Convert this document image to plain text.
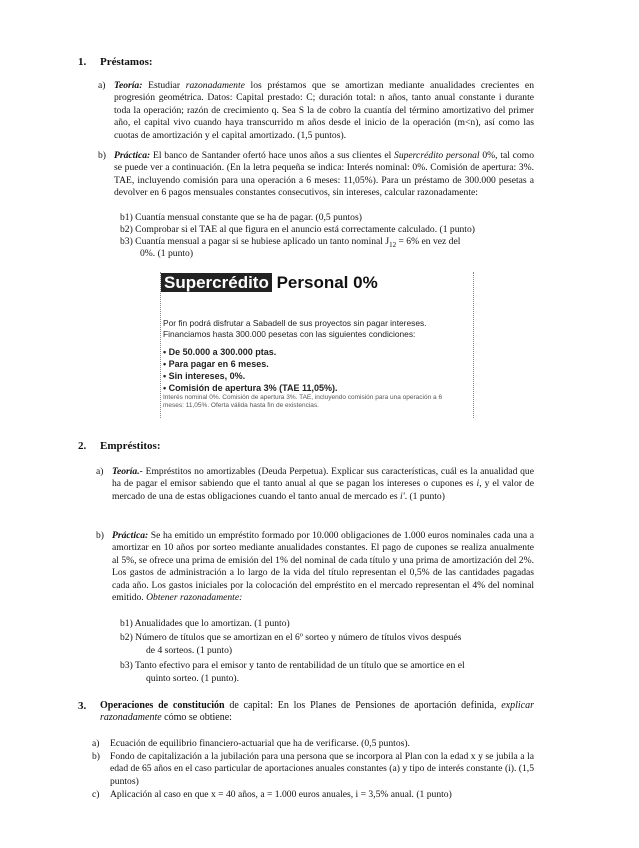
1. Préstamos:
a) Teoría: Estudiar razonadamente los préstamos que se amortizan mediante anualidades crecientes en progresión geométrica. Datos: Capital prestado: C; duración total: n años, tanto anual constante i durante toda la operación; razón de crecimiento q. Sea S la de cobro la cuantía del término amortizativo del primer año, el capital vivo cuando haya transcurrido m años desde el inicio de la operación (m<n), así como las cuotas de amortización y el capital amortizado. (1,5 puntos).
b) Práctica: El banco de Santander ofertó hace unos años a sus clientes el Supercrédito personal 0%, tal como se puede ver a continuación. (En la letra pequeña se indica: Interés nominal: 0%. Comisión de apertura: 3%. TAE, incluyendo comisión para una operación a 6 meses: 11,05%). Para un préstamo de 300.000 pesetas a devolver en 6 pagos mensuales constantes consecutivos, sin intereses, calcular razonadamente:
b1) Cuantía mensual constante que se ha de pagar. (0,5 puntos)
b2) Comprobar si el TAE al que figura en el anuncio está correctamente calculado. (1 punto)
b3) Cuantía mensual a pagar si se hubiese aplicado un tanto nominal $J_{12} = 6\%$ en vez del
0%. (1 punto)
Supercrédito Personal 0%

Por fin podrá disfrutar a Sabadell de sus proyectos sin pagar intereses. Financiamos hasta 300.000 pesetas con las siguientes condiciones:

• De 50.000 a 300.000 ptas.
• Para pagar en 6 meses.
• Sin intereses, 0%.
• Comisión de apertura 3% (TAE 11,05%).

Interés nominal 0%. Comisión de apertura 3%. TAE, incluyendo comisión para una operación a 6 meses: 11,05%. Oferta válida hasta fin de existencias.

2. Empréstitos:
a) Teoría.- Empréstitos no amortizables (Deuda Perpetua). Explicar sus características, cuál es la anualidad que ha de pagar el emisor sabiendo que el tanto anual al que se pagan los intereses o cupones es i, y el valor de mercado de una de estas obligaciones cuando el tanto anual de mercado es i'. (1 punto)
b) Práctica: Se ha emitido un empréstito formado por 10.000 obligaciones de 1.000 euros nominales cada una a amortizar en 10 años por sorteo mediante anualidades constantes. El pago de cupones se realiza anualmente al 5%, se ofrece una prima de emisión del 1% del nominal de cada título y una prima de amortización del 2%. Los gastos de administración a lo largo de la vida del título representan el 0,5% de las cantidades pagadas cada año. Los gastos iniciales por la colocación del empréstito en el mercado representan el 4% del nominal emitido. Obtener razonadamente:
b1) Anualidades que lo amortizan. (1 punto)
b2) Número de títulos que se amortizan en el 6º sorteo y número de títulos vivos después
de 4 sorteos. (1 punto)
b3) Tanto efectivo para el emisor y tanto de rentabilidad de un título que se amortice en el
quinto sorteo. (1 punto).
3. Operaciones de constitución de capital: En los Planes de Pensiones de aportación definida, explicar razonadamente cómo se obtiene:
a) Ecuación de equilibrio financiero-actuarial que ha de verificarse. (0,5 puntos).
b) Fondo de capitalización a la jubilación para una persona que se incorpora al Plan con la edad x y se jubila a la edad de 65 años en el caso particular de aportaciones anuales constantes (a) y tipo de interés constante (i). (1,5 puntos)
c) Aplicación al caso en que x = 40 años, a = 1.000 euros anuales, i = 3,5% anual. (1 punto)
